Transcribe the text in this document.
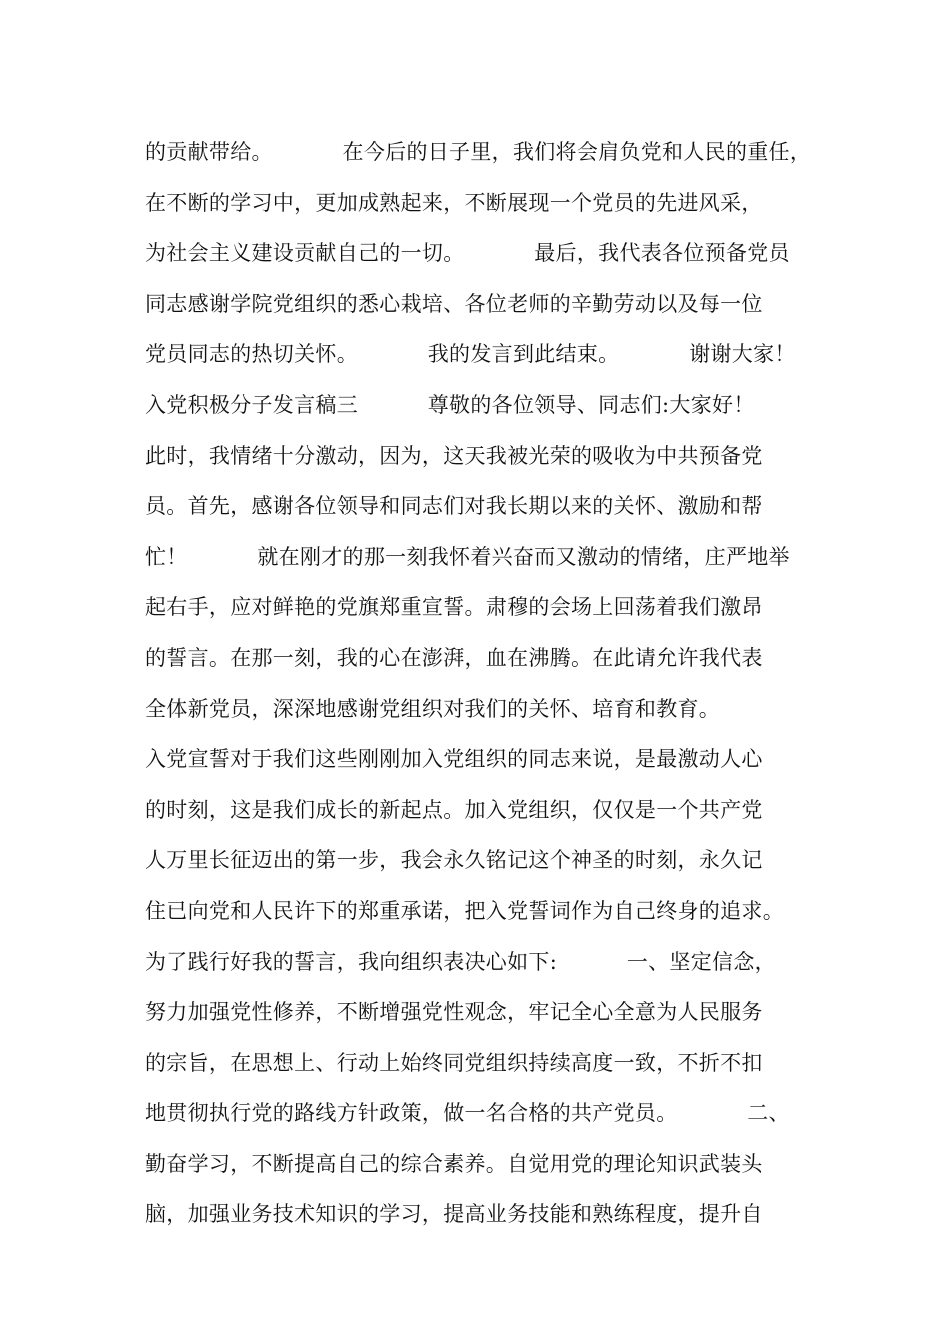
的贡献带给。          在今后的日子里，我们将会肩负党和人民的重任，
在不断的学习中，更加成熟起来，不断展现一个党员的先进风采，
为社会主义建设贡献自己的一切。          最后，我代表各位预备党员
同志感谢学院党组织的悉心栽培、各位老师的辛勤劳动以及每一位
党员同志的热切关怀。          我的发言到此结束。          谢谢大家！
入党积极分子发言稿三          尊敬的各位领导、同志们:大家好！
此时，我情绪十分激动，因为，这天我被光荣的吸收为中共预备党
员。首先，感谢各位领导和同志们对我长期以来的关怀、激励和帮
忙！          就在刚才的那一刻我怀着兴奋而又激动的情绪，庄严地举
起右手，应对鲜艳的党旗郑重宣誓。肃穆的会场上回荡着我们激昂
的誓言。在那一刻，我的心在澎湃，血在沸腾。在此请允许我代表
全体新党员，深深地感谢党组织对我们的关怀、培育和教育。
入党宣誓对于我们这些刚刚加入党组织的同志来说，是最激动人心
的时刻，这是我们成长的新起点。加入党组织，仅仅是一个共产党
人万里长征迈出的第一步，我会永久铭记这个神圣的时刻，永久记
住已向党和人民许下的郑重承诺，把入党誓词作为自己终身的追求。
为了践行好我的誓言，我向组织表决心如下:          一、坚定信念，
努力加强党性修养，不断增强党性观念，牢记全心全意为人民服务
的宗旨，在思想上、行动上始终同党组织持续高度一致，不折不扣
地贯彻执行党的路线方针政策，做一名合格的共产党员。          二、
勤奋学习，不断提高自己的综合素养。自觉用党的理论知识武装头
脑，加强业务技术知识的学习，提高业务技能和熟练程度，提升自
